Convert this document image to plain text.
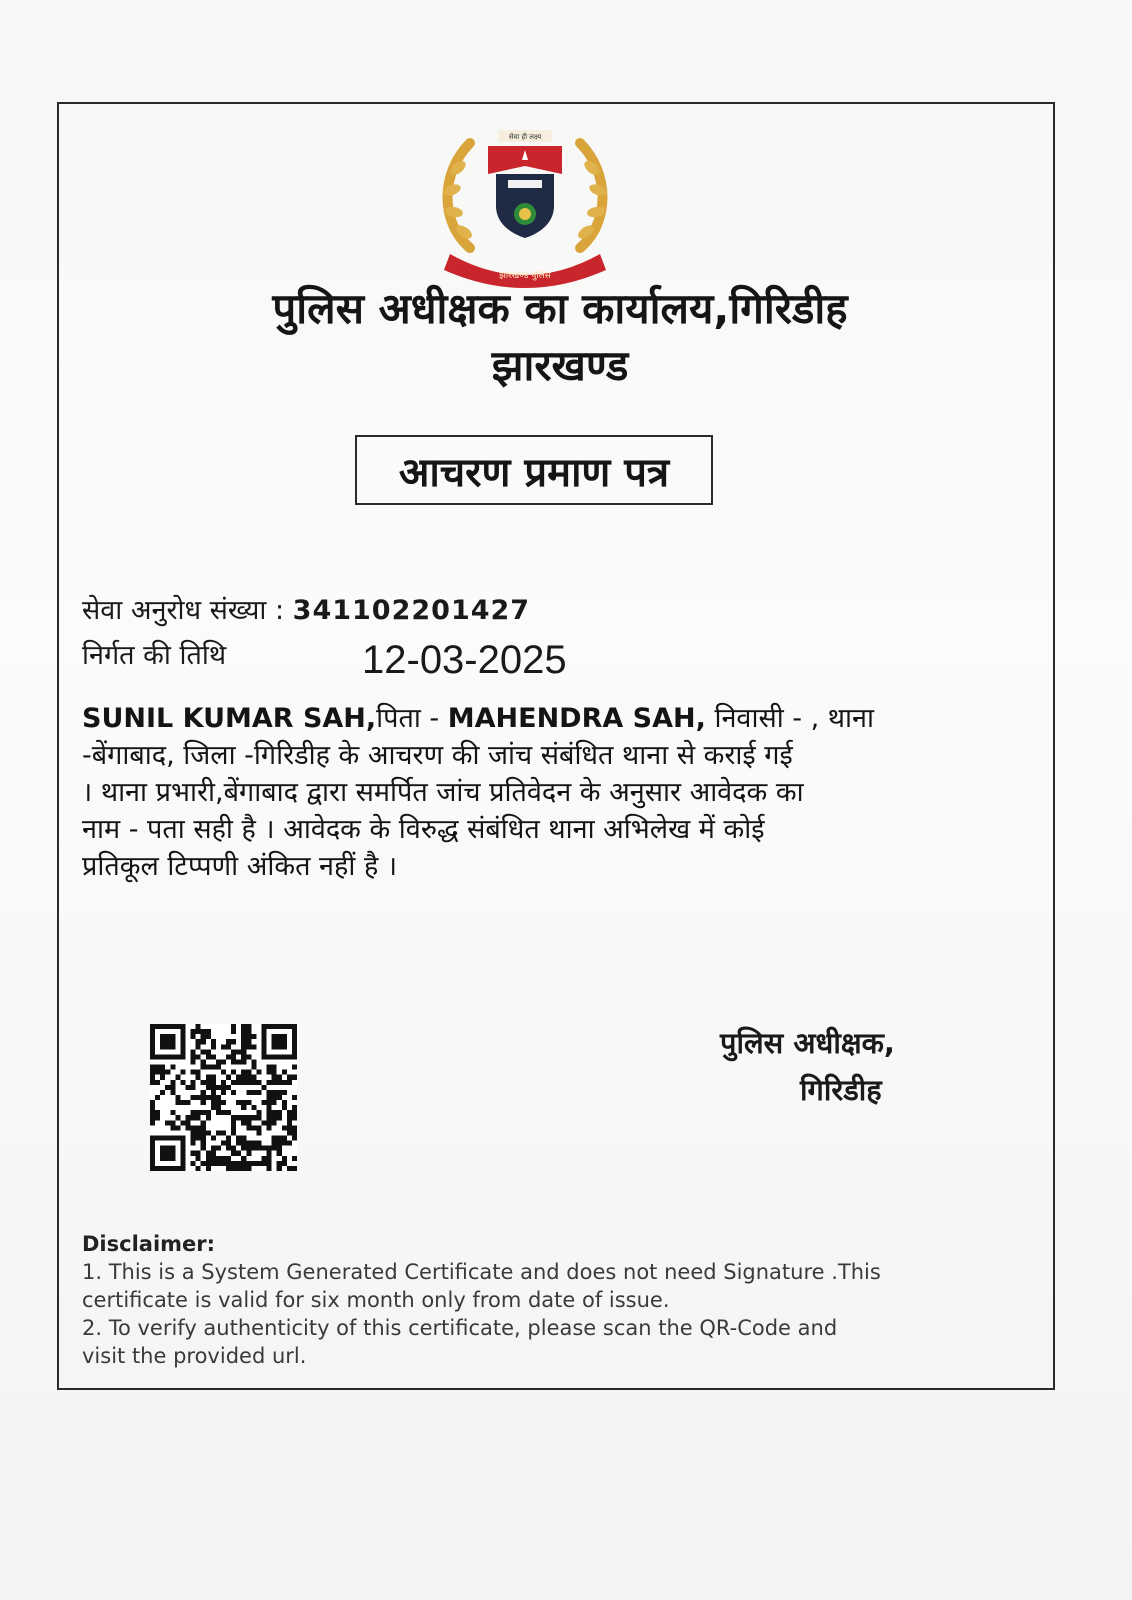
सेवा ही लक्ष्य
झारखण्ड पुलिस
पुलिस अधीक्षक का कार्यालय,गिरिडीह
झारखण्ड
आचरण प्रमाण पत्र
सेवा अनुरोध संख्या : 341102201427
निर्गत की तिथि	12-03-2025
SUNIL KUMAR SAH,पिता - MAHENDRA SAH, निवासी - , थाना
-बेंगाबाद, जिला -गिरिडीह के आचरण की जांच संबंधित थाना से कराई गई
। थाना प्रभारी,बेंगाबाद द्वारा समर्पित जांच प्रतिवेदन के अनुसार आवेदक का
नाम - पता सही है । आवेदक के विरुद्ध संबंधित थाना अभिलेख में कोई
प्रतिकूल टिप्पणी अंकित नहीं है ।
पुलिस अधीक्षक,
गिरिडीह
Disclaimer:
1. This is a System Generated Certificate and does not need Signature .This
certificate is valid for six month only from date of issue.
2. To verify authenticity of this certificate, please scan the QR-Code and
visit the provided url.
